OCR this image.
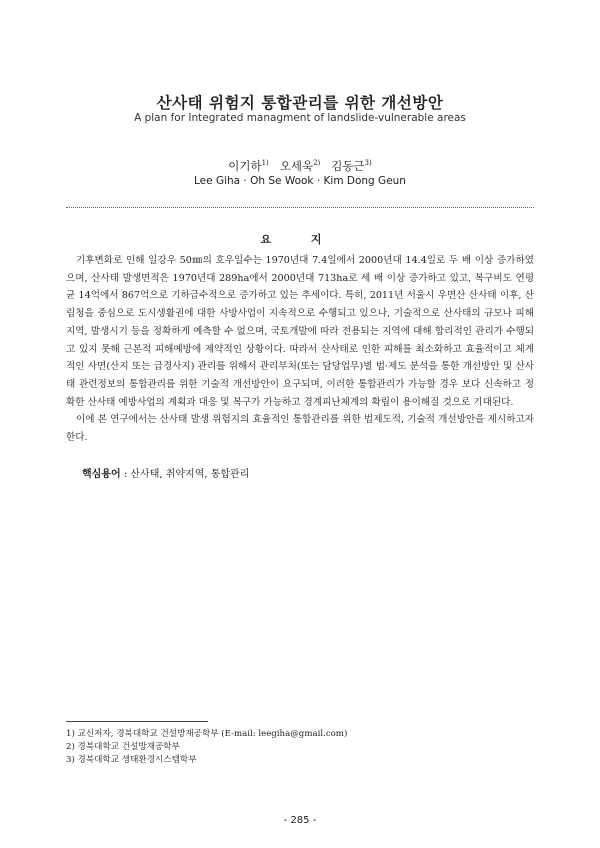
산사태 위험지 통합관리를 위한 개선방안
A plan for Integrated managment of landslide-vulnerable areas
이기하$^{1)}$ 오세욱$^{2)}$ 김동근$^{3)}$
Lee Giha · Oh Se Wook · Kim Dong Geun
요 지

기후변화로 인해 일강우 50㎜의 호우일수는 1970년대 7.4일에서 2000년대 14.4일로 두 배 이상 증가하였으며, 산사태 발생면적은 1970년대 289ha에서 2000년대 713ha로 세 배 이상 증가하고 있고, 복구비도 연평균 14억에서 867억으로 기하급수적으로 증가하고 있는 추세이다. 특히, 2011년 서울시 우면산 산사태 이후, 산림청을 중심으로 도시생활권에 대한 사방사업이 지속적으로 수행되고 있으나, 기술적으로 산사태의 규모나 피해지역, 발생시기 등을 정확하게 예측할 수 없으며, 국토개발에 따라 전용되는 지역에 대해 합리적인 관리가 수행되고 있지 못해 근본적 피해예방에 제약적인 상황이다. 따라서 산사태로 인한 피해를 최소화하고 효율적이고 체계적인 사면(산지 또는 급경사지) 관리를 위해서 관리부처(또는 담당업무)별 법·제도 분석을 통한 개선방안 및 산사태 관련정보의 통합관리를 위한 기술적 개선방안이 요구되며, 이러한 통합관리가 가능할 경우 보다 신속하고 정확한 산사태 예방사업의 계획과 대응 및 복구가 가능하고 경계피난체계의 확립이 용이해질 것으로 기대된다.

이에 본 연구에서는 산사태 발생 위험지의 효율적인 통합관리를 위한 법제도적, 기술적 개선방안을 제시하고자 한다.

핵심용어 : 산사태, 취약지역, 통합관리
1) 교신저자, 경북대학교 건설방재공학부 (E-mail: leegiha@gmail.com)
2) 경북대학교 건설방재공학부
3) 경북대학교 생태환경시스템학부
- 285 -
